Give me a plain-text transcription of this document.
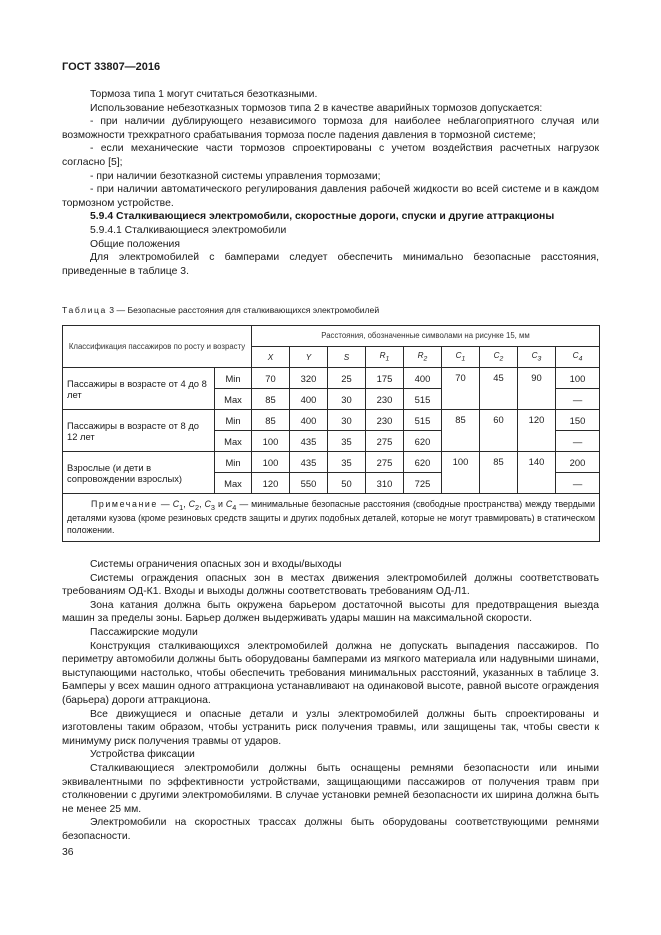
ГОСТ 33807—2016

Тормоза типа 1 могут считаться безотказными.

Использование небезотказных тормозов типа 2 в качестве аварийных тормозов допускается:

- при наличии дублирующего независимого тормоза для наиболее неблагоприятного случая или возможности трехкратного срабатывания тормоза после падения давления в тормозной системе;

- если механические части тормозов спроектированы с учетом воздействия расчетных нагрузок согласно [5];

- при наличии безотказной системы управления тормозами;

- при наличии автоматического регулирования давления рабочей жидкости во всей системе и в каждом тормозном устройстве.

5.9.4 Сталкивающиеся электромобили, скоростные дороги, спуски и другие аттракционы

5.9.4.1 Сталкивающиеся электромобили

Общие положения

Для электромобилей с бамперами следует обеспечить минимально безопасные расстояния, приведенные в таблице 3.

Таблица 3 — Безопасные расстояния для сталкивающихся электромобилей
Классификация пассажиров по росту и возрасту		Расстояния, обозначенные символами на рисунке 15, мм								
		X	Y	S	$R_1$	$R_2$	$C_1$	$C_2$	$C_3$	$C_4$
Пассажиры в возрасте от 4 до 8 лет	Min	70	320	25	175	400	70	45	90	100
	Max	85	400	30	230	515				—
Пассажиры в возрасте от 8 до 12 лет	Min	85	400	30	230	515	85	60	120	150
	Max	100	435	35	275	620				—
Взрослые (и дети в сопровождении взрослых)	Min	100	435	35	275	620	100	85	140	200
	Max	120	550	50	310	725				—
Примечание — $C_1$, $C_2$, $C_3$ и $C_4$ — минимальные безопасные расстояния (свободные пространства) между твердыми деталями кузова (кроме резиновых средств защиты и других подобных деталей, которые не могут травмировать) в статическом положении.										

Системы ограничения опасных зон и входы/выходы

Системы ограждения опасных зон в местах движения электромобилей должны соответствовать требованиям ОД-К1. Входы и выходы должны соответствовать требованиям ОД-Л1.

Зона катания должна быть окружена барьером достаточной высоты для предотвращения выезда машин за пределы зоны. Барьер должен выдерживать удары машин на максимальной скорости.

Пассажирские модули

Конструкция сталкивающихся электромобилей должна не допускать выпадения пассажиров. По периметру автомобили должны быть оборудованы бамперами из мягкого материала или надувными шинами, выступающими настолько, чтобы обеспечить требования минимальных расстояний, указанных в таблице 3. Бамперы у всех машин одного аттракциона устанавливают на одинаковой высоте, равной высоте ограждения (барьера) дороги аттракциона.

Все движущиеся и опасные детали и узлы электромобилей должны быть спроектированы и изготовлены таким образом, чтобы устранить риск получения травмы, или защищены так, чтобы свести к минимуму риск получения травмы от ударов.

Устройства фиксации

Сталкивающиеся электромобили должны быть оснащены ремнями безопасности или иными эквивалентными по эффективности устройствами, защищающими пассажиров от получения травм при столкновении с другими электромобилями. В случае установки ремней безопасности их ширина должна быть не менее 25 мм.

Электромобили на скоростных трассах должны быть оборудованы соответствующими ремнями безопасности.

36
